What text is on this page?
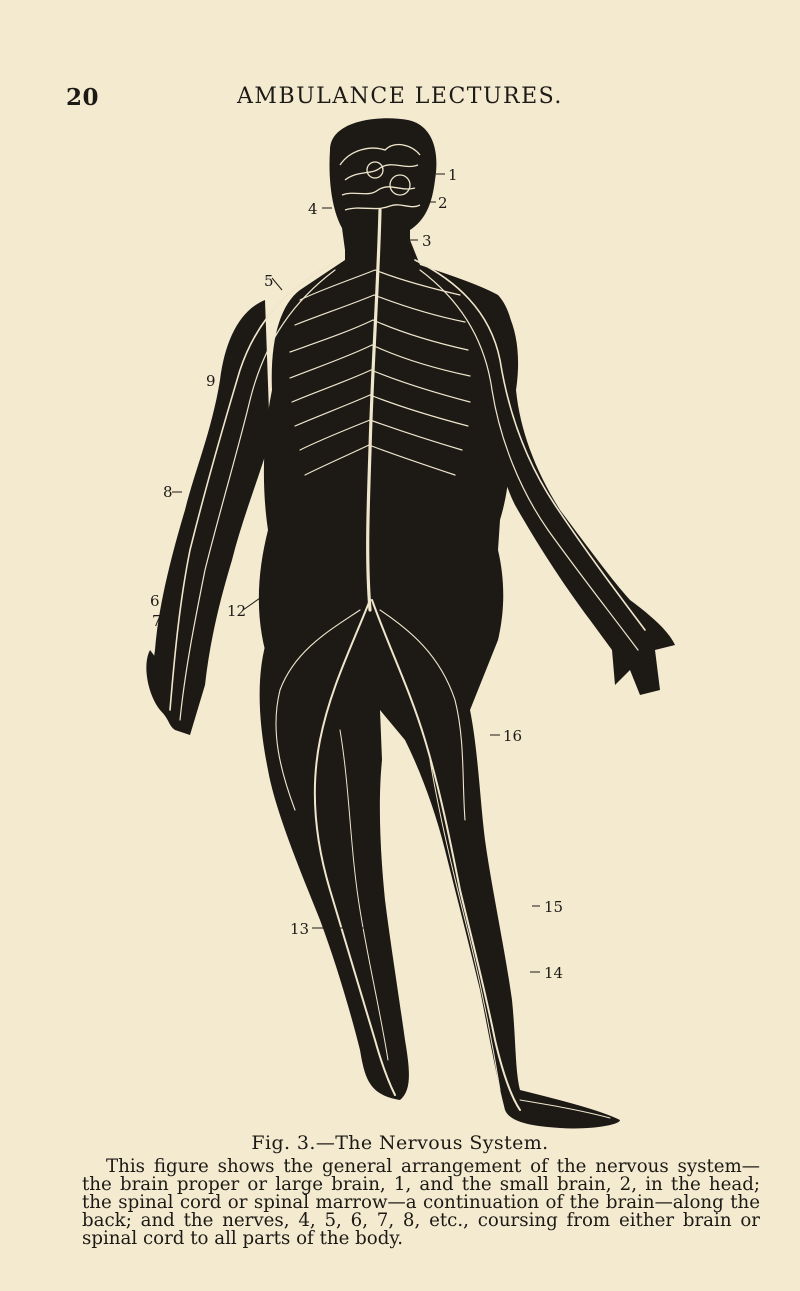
20	AMBULANCE LECTURES.
1
2
3
4
5
9
10
8
11
6
7
12
16
15
13
14
Fig. 3.—The Nervous System.
This figure shows the general arrangement of the nervous system—the brain proper or large brain, 1, and the small brain, 2, in the head; the spinal cord or spinal marrow—a continuation of the brain—along the back; and the nerves, 4, 5, 6, 7, 8, etc., coursing from either brain or spinal cord to all parts of the body.
